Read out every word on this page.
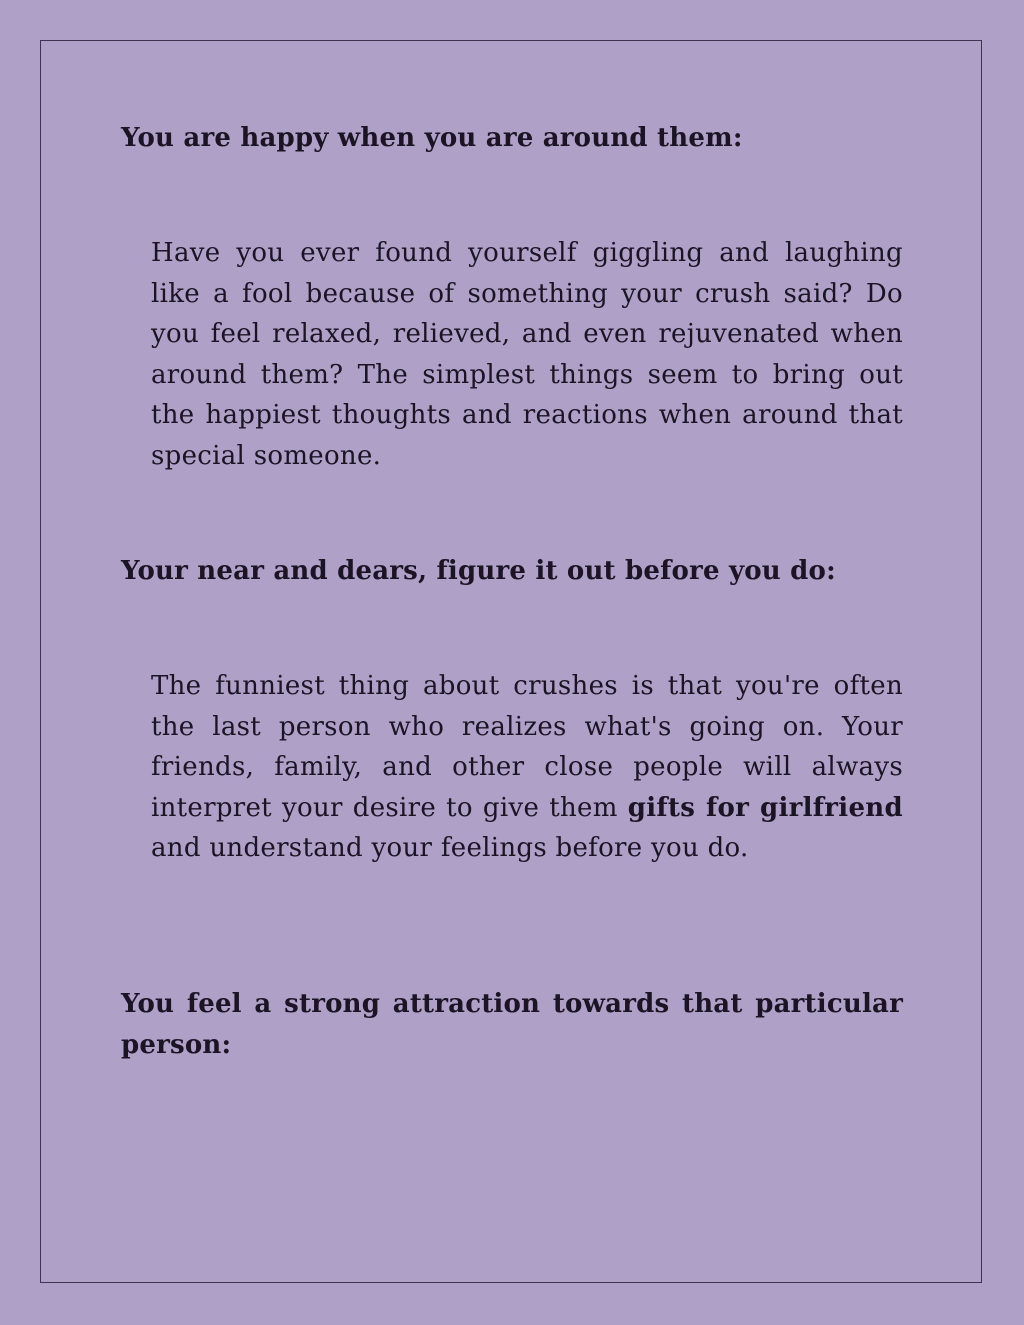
You are happy when you are around them:

Have you ever found yourself giggling and laughing like a fool because of something your crush said? Do you feel relaxed, relieved, and even rejuvenated when around them? The simplest things seem to bring out the happiest thoughts and reactions when around that special someone.

Your near and dears, figure it out before you do:

The funniest thing about crushes is that you're often the last person who realizes what's going on. Your friends, family, and other close people will always interpret your desire to give them gifts for girlfriend and understand your feelings before you do.

You feel a strong attraction towards that particular person:
